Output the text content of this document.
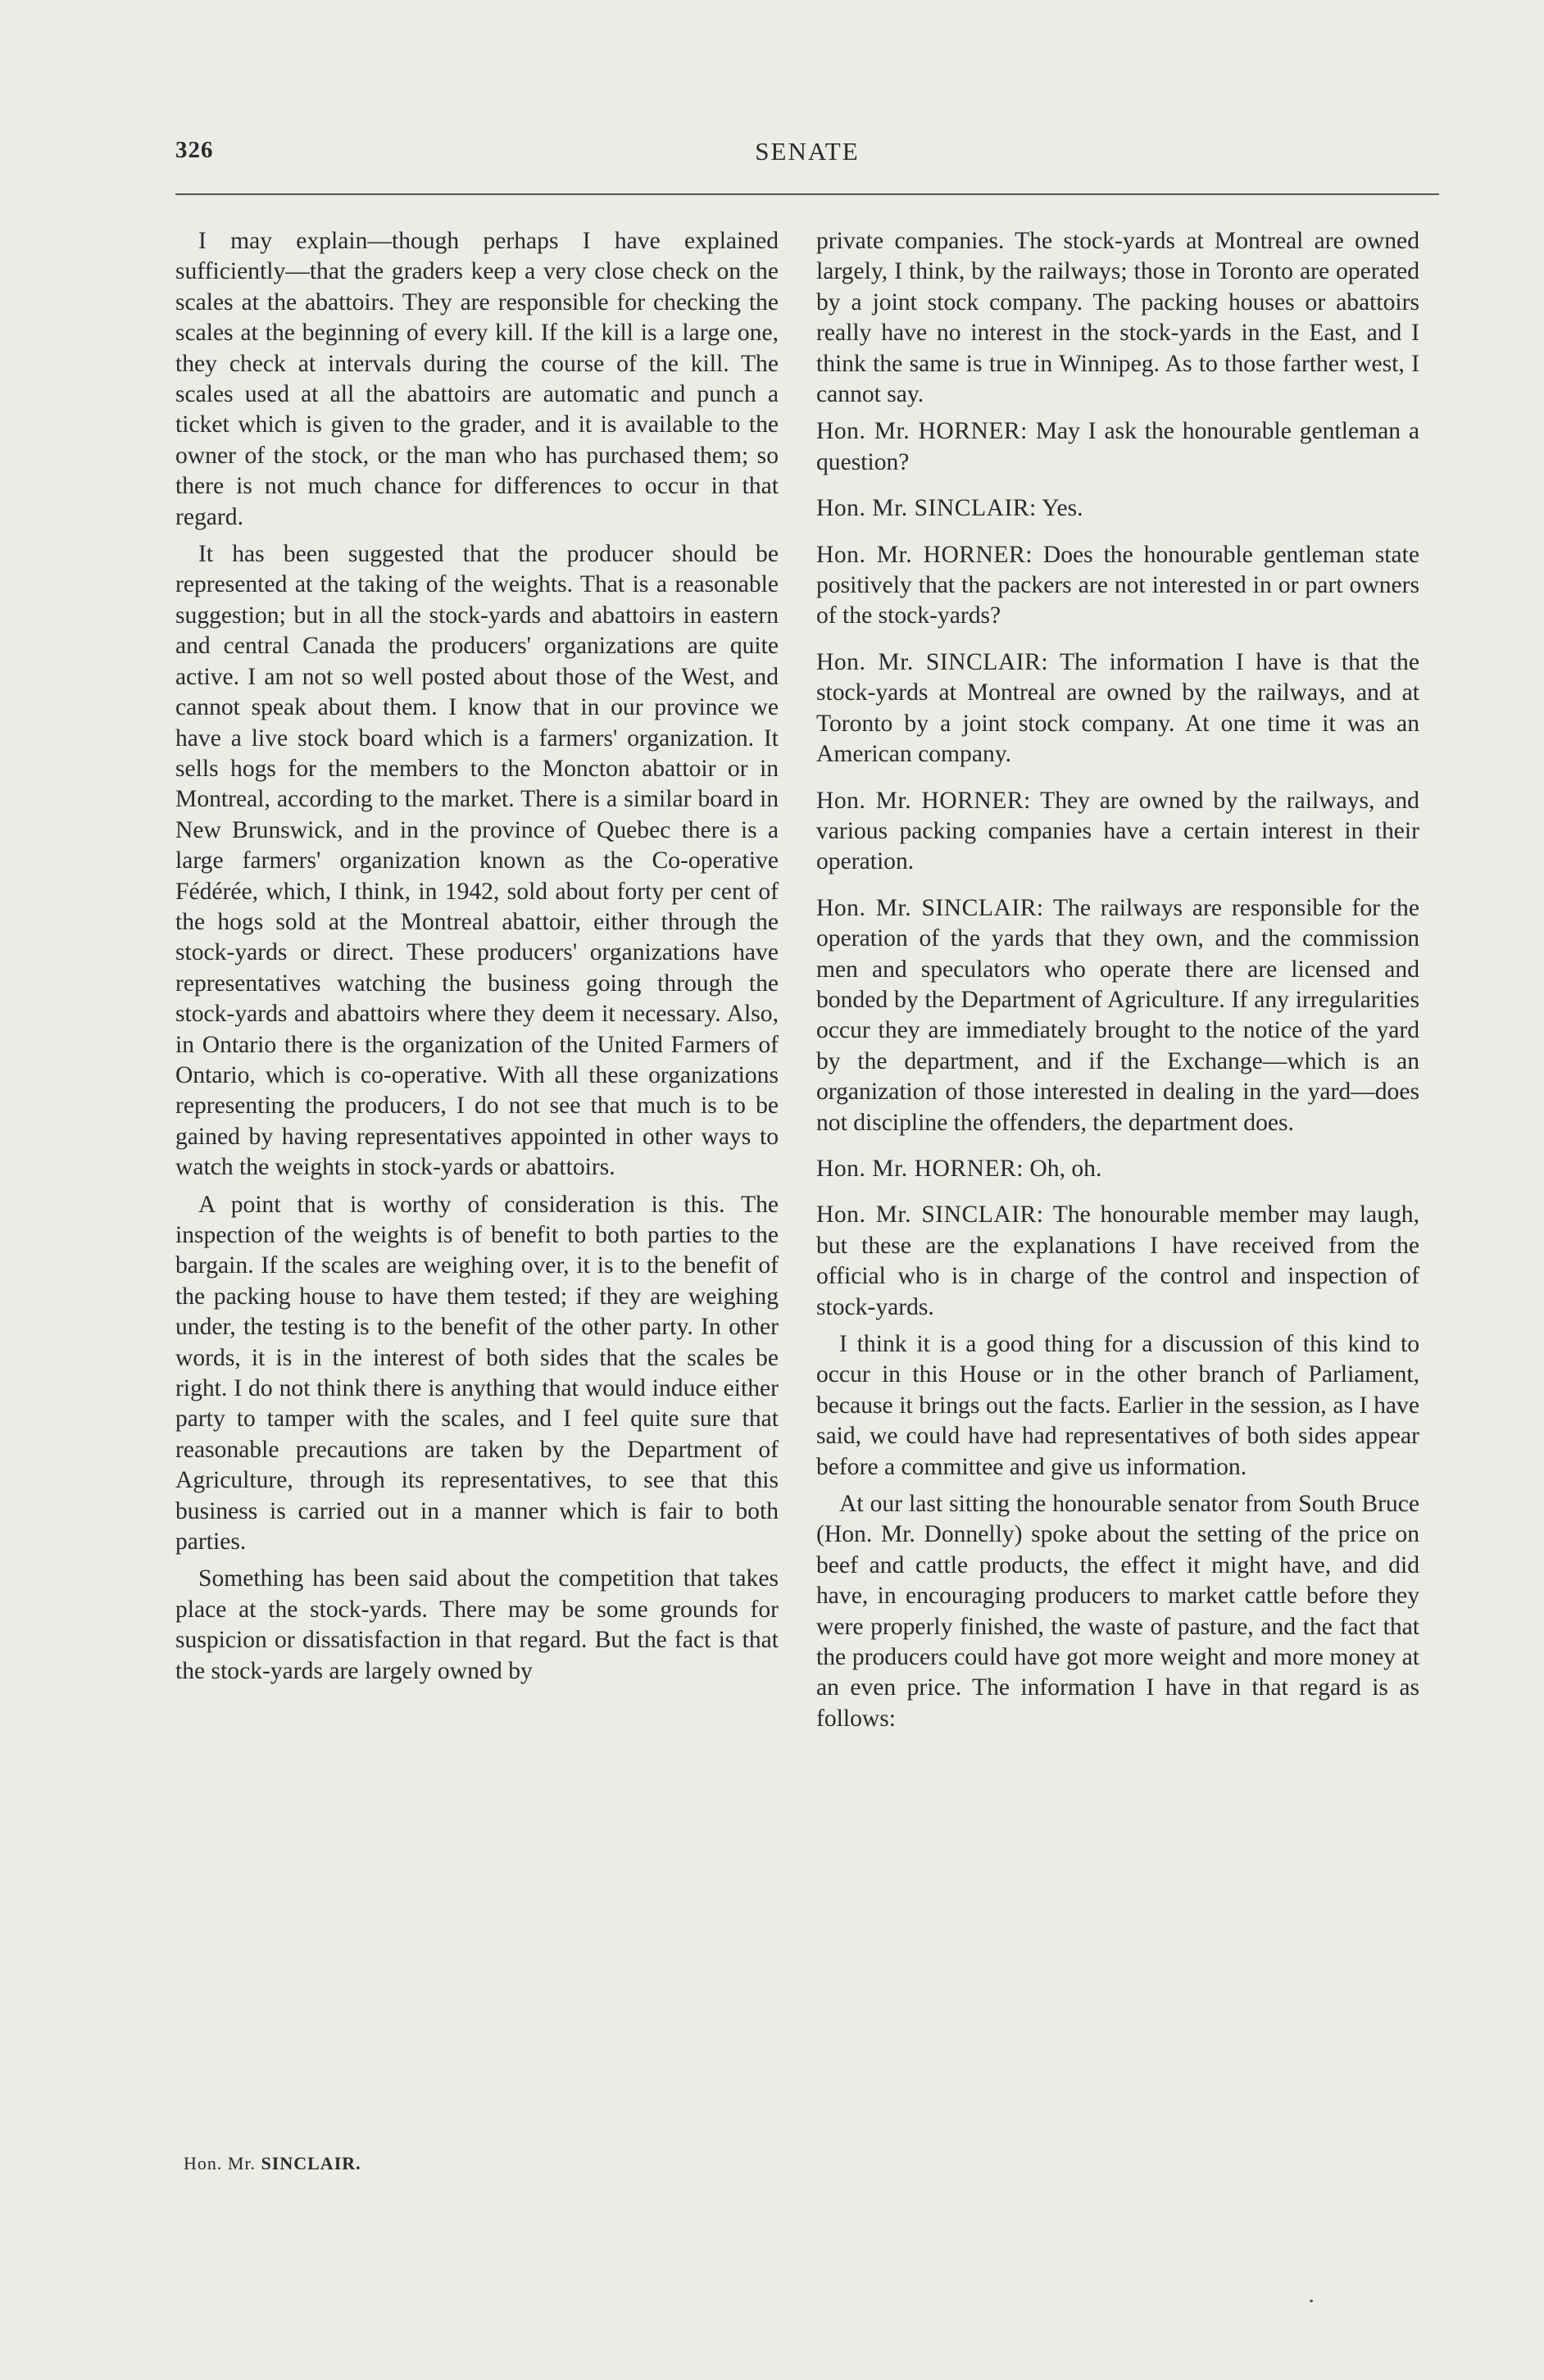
326	SENATE

I may explain—though perhaps I have explained sufficiently—that the graders keep a very close check on the scales at the abattoirs. They are responsible for checking the scales at the beginning of every kill. If the kill is a large one, they check at intervals during the course of the kill. The scales used at all the abattoirs are automatic and punch a ticket which is given to the grader, and it is available to the owner of the stock, or the man who has purchased them; so there is not much chance for differences to occur in that regard.

It has been suggested that the producer should be represented at the taking of the weights. That is a reasonable suggestion; but in all the stock-yards and abattoirs in eastern and central Canada the producers' organizations are quite active. I am not so well posted about those of the West, and cannot speak about them. I know that in our province we have a live stock board which is a farmers' organization. It sells hogs for the members to the Moncton abattoir or in Montreal, according to the market. There is a similar board in New Brunswick, and in the province of Quebec there is a large farmers' organization known as the Co-operative Fédérée, which, I think, in 1942, sold about forty per cent of the hogs sold at the Montreal abattoir, either through the stock-yards or direct. These producers' organizations have representatives watching the business going through the stock-yards and abattoirs where they deem it necessary. Also, in Ontario there is the organization of the United Farmers of Ontario, which is co-operative. With all these organizations representing the producers, I do not see that much is to be gained by having representatives appointed in other ways to watch the weights in stock-yards or abattoirs.

A point that is worthy of consideration is this. The inspection of the weights is of benefit to both parties to the bargain. If the scales are weighing over, it is to the benefit of the packing house to have them tested; if they are weighing under, the testing is to the benefit of the other party. In other words, it is in the interest of both sides that the scales be right. I do not think there is anything that would induce either party to tamper with the scales, and I feel quite sure that reasonable precautions are taken by the Department of Agriculture, through its representatives, to see that this business is carried out in a manner which is fair to both parties.

Something has been said about the competition that takes place at the stock-yards. There may be some grounds for suspicion or dissatisfaction in that regard. But the fact is that the stock-yards are largely owned by

private companies. The stock-yards at Montreal are owned largely, I think, by the railways; those in Toronto are operated by a joint stock company. The packing houses or abattoirs really have no interest in the stock-yards in the East, and I think the same is true in Winnipeg. As to those farther west, I cannot say.

Hon. Mr. HORNER: May I ask the honourable gentleman a question?

Hon. Mr. SINCLAIR: Yes.

Hon. Mr. HORNER: Does the honourable gentleman state positively that the packers are not interested in or part owners of the stock-yards?

Hon. Mr. SINCLAIR: The information I have is that the stock-yards at Montreal are owned by the railways, and at Toronto by a joint stock company. At one time it was an American company.

Hon. Mr. HORNER: They are owned by the railways, and various packing companies have a certain interest in their operation.

Hon. Mr. SINCLAIR: The railways are responsible for the operation of the yards that they own, and the commission men and speculators who operate there are licensed and bonded by the Department of Agriculture. If any irregularities occur they are immediately brought to the notice of the yard by the department, and if the Exchange—which is an organization of those interested in dealing in the yard—does not discipline the offenders, the department does.

Hon. Mr. HORNER: Oh, oh.

Hon. Mr. SINCLAIR: The honourable member may laugh, but these are the explanations I have received from the official who is in charge of the control and inspection of stock-yards.

I think it is a good thing for a discussion of this kind to occur in this House or in the other branch of Parliament, because it brings out the facts. Earlier in the session, as I have said, we could have had representatives of both sides appear before a committee and give us information.

At our last sitting the honourable senator from South Bruce (Hon. Mr. Donnelly) spoke about the setting of the price on beef and cattle products, the effect it might have, and did have, in encouraging producers to market cattle before they were properly finished, the waste of pasture, and the fact that the producers could have got more weight and more money at an even price. The information I have in that regard is as follows:

Hon. Mr. SINCLAIR.
